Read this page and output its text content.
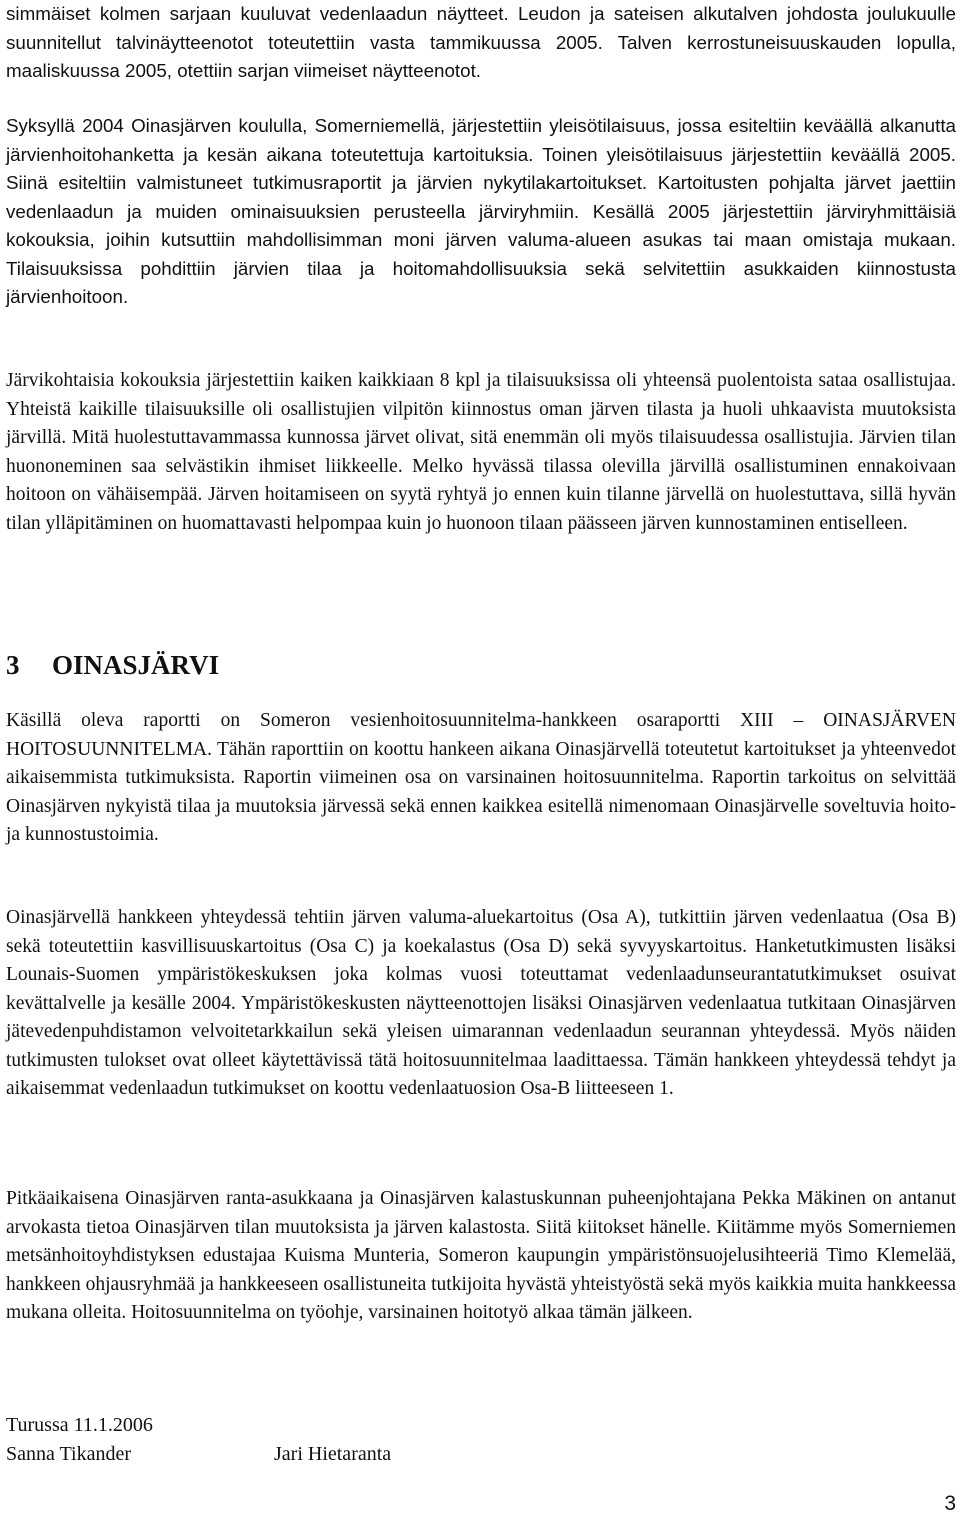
simmäiset kolmen sarjaan kuuluvat vedenlaadun näytteet. Leudon ja sateisen alkutalven johdosta joulukuulle suunnitellut talvinäytteenotot toteutettiin vasta tammikuussa 2005. Talven kerrostuneisuuskauden lopulla, maaliskuussa 2005, otettiin sarjan viimeiset näytteenotot.

Syksyllä 2004 Oinasjärven koululla, Somerniemellä, järjestettiin yleisötilaisuus, jossa esiteltiin keväällä alkanutta järvienhoitohanketta ja kesän aikana toteutettuja kartoituksia. Toinen yleisötilaisuus järjestettiin keväällä 2005. Siinä esiteltiin valmistuneet tutkimusraportit ja järvien nykytilakartoitukset. Kartoitusten pohjalta järvet jaettiin vedenlaadun ja muiden ominaisuuksien perusteella järviryhmiin. Kesällä 2005 järjestettiin järviryhmittäisiä kokouksia, joihin kutsuttiin mahdollisimman moni järven valuma-alueen asukas tai maan omistaja mukaan. Tilaisuuksissa pohdittiin järvien tilaa ja hoitomahdollisuuksia sekä selvitettiin asukkaiden kiinnostusta järvienhoitoon.

Järvikohtaisia kokouksia järjestettiin kaiken kaikkiaan 8 kpl ja tilaisuuksissa oli yhteensä puolentoista sataa osallistujaa. Yhteistä kaikille tilaisuuksille oli osallistujien vilpitön kiinnostus oman järven tilasta ja huoli uhkaavista muutoksista järvillä. Mitä huolestuttavammassa kunnossa järvet olivat, sitä enemmän oli myös tilaisuudessa osallistujia. Järvien tilan huononeminen saa selvästikin ihmiset liikkeelle. Melko hyvässä tilassa olevilla järvillä osallistuminen ennakoivaan hoitoon on vähäisempää. Järven hoitamiseen on syytä ryhtyä jo ennen kuin tilanne järvellä on huolestuttava, sillä hyvän tilan ylläpitäminen on huomattavasti helpompaa kuin jo huonoon tilaan päässeen järven kunnostaminen entiselleen.

3 OINASJÄRVI

Käsillä oleva raportti on Someron vesienhoitosuunnitelma-hankkeen osaraportti XIII – OINASJÄRVEN HOITOSUUNNITELMA. Tähän raporttiin on koottu hankeen aikana Oinasjärvellä toteutetut kartoitukset ja yhteenvedot aikaisemmista tutkimuksista. Raportin viimeinen osa on varsinainen hoitosuunnitelma. Raportin tarkoitus on selvittää Oinasjärven nykyistä tilaa ja muutoksia järvessä sekä ennen kaikkea esitellä nimenomaan Oinasjärvelle soveltuvia hoito- ja kunnostustoimia.

Oinasjärvellä hankkeen yhteydessä tehtiin järven valuma-aluekartoitus (Osa A), tutkittiin järven vedenlaatua (Osa B) sekä toteutettiin kasvillisuuskartoitus (Osa C) ja koekalastus (Osa D) sekä syvyyskartoitus. Hanketutkimusten lisäksi Lounais-Suomen ympäristökeskuksen joka kolmas vuosi toteuttamat vedenlaadunseurantatutkimukset osuivat kevättalvelle ja kesälle 2004. Ympäristökeskusten näytteenottojen lisäksi Oinasjärven vedenlaatua tutkitaan Oinasjärven jätevedenpuhdistamon velvoitetarkkailun sekä yleisen uimarannan vedenlaadun seurannan yhteydessä. Myös näiden tutkimusten tulokset ovat olleet käytettävissä tätä hoitosuunnitelmaa laadittaessa. Tämän hankkeen yhteydessä tehdyt ja aikaisemmat vedenlaadun tutkimukset on koottu vedenlaatuosion Osa-B liitteeseen 1.

Pitkäaikaisena Oinasjärven ranta-asukkaana ja Oinasjärven kalastuskunnan puheenjohtajana Pekka Mäkinen on antanut arvokasta tietoa Oinasjärven tilan muutoksista ja järven kalastosta. Siitä kiitokset hänelle. Kiitämme myös Somerniemen metsänhoitoyhdistyksen edustajaa Kuisma Munteria, Someron kaupungin ympäristönsuojelusihteeriä Timo Klemelää, hankkeen ohjausryhmää ja hankkeeseen osallistuneita tutkijoita hyvästä yhteistyöstä sekä myös kaikkia muita hankkeessa mukana olleita. Hoitosuunnitelma on työohje, varsinainen hoitotyö alkaa tämän jälkeen.

Turussa 11.1.2006
Sanna Tikander	Jari Hietaranta
3
